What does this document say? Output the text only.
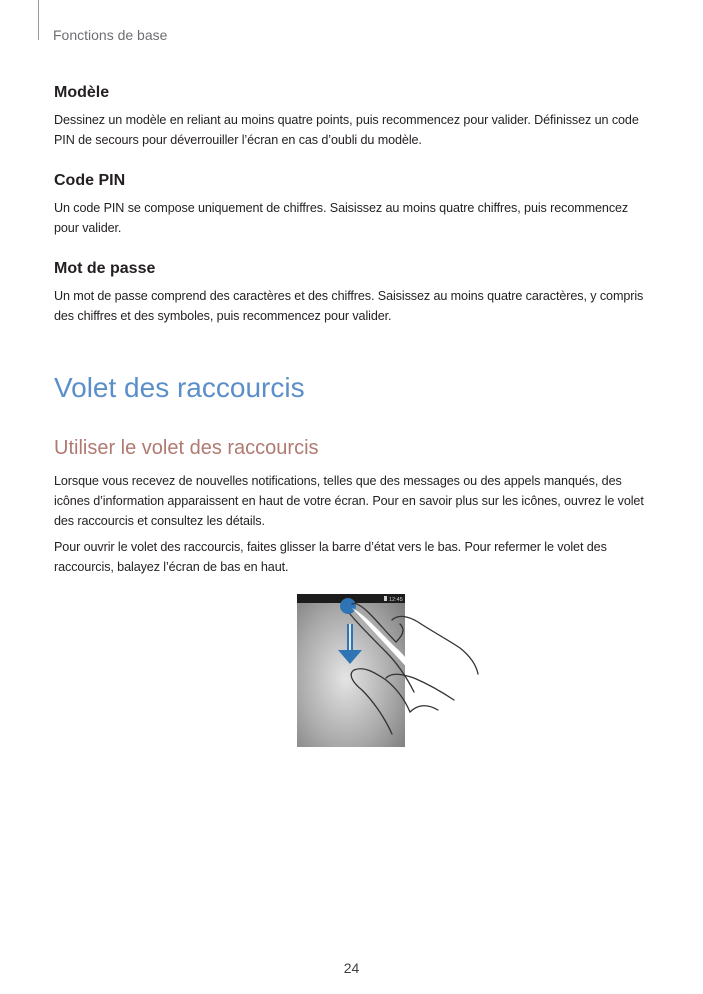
Fonctions de base
Modèle

Dessinez un modèle en reliant au moins quatre points, puis recommencez pour valider. Définissez un code PIN de secours pour déverrouiller l’écran en cas d’oubli du modèle.

Code PIN

Un code PIN se compose uniquement de chiffres. Saisissez au moins quatre chiffres, puis recommencez pour valider.

Mot de passe

Un mot de passe comprend des caractères et des chiffres. Saisissez au moins quatre caractères, y compris des chiffres et des symboles, puis recommencez pour valider.

Volet des raccourcis
Utiliser le volet des raccourcis

Lorsque vous recevez de nouvelles notifications, telles que des messages ou des appels manqués, des icônes d’information apparaissent en haut de votre écran. Pour en savoir plus sur les icônes, ouvrez le volet des raccourcis et consultez les détails.

Pour ouvrir le volet des raccourcis, faites glisser la barre d’état vers le bas. Pour refermer le volet des raccourcis, balayez l’écran de bas en haut.

12:45
24
